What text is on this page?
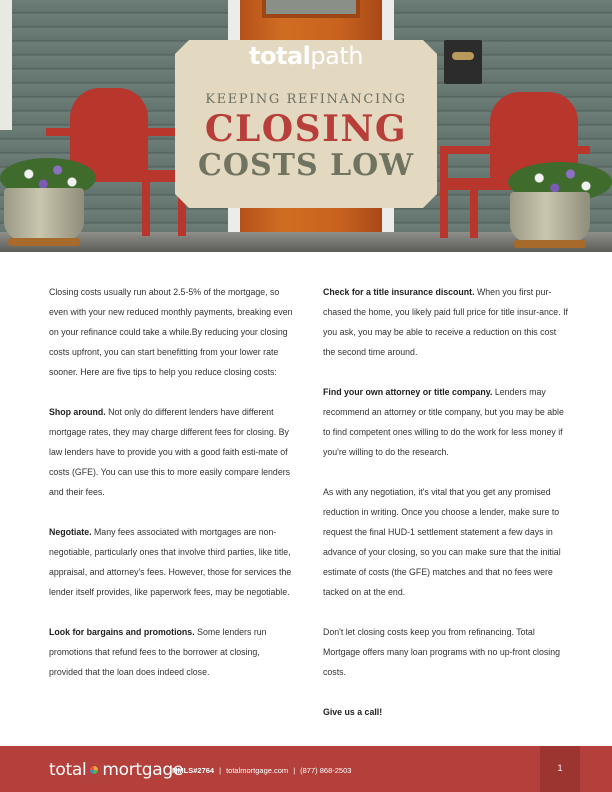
totalpath
KEEPING REFINANCING
CLOSING
COSTS LOW

Closing costs usually run about 2.5-5% of the mortgage, so even with your new reduced monthly payments, breaking even on your refinance could take a while.By reducing your closing costs upfront, you can start benefitting from your lower rate sooner. Here are five tips to help you reduce closing costs:

Shop around. Not only do different lenders have different mortgage rates, they may charge different fees for closing. By law lenders have to provide you with a good faith esti-mate of costs (GFE). You can use this to more easily compare lenders and their fees.

Negotiate. Many fees associated with mortgages are non-negotiable, particularly ones that involve third parties, like title, appraisal, and attorney's fees. However, those for services the lender itself provides, like paperwork fees, may be negotiable.

Look for bargains and promotions. Some lenders run promotions that refund fees to the borrower at closing, provided that the loan does indeed close.

Check for a title insurance discount. When you first pur-chased the home, you likely paid full price for title insur-ance. If you ask, you may be able to receive a reduction on this cost the second time around.

Find your own attorney or title company. Lenders may recommend an attorney or title company, but you may be able to find competent ones willing to do the work for less money if you're willing to do the research.

As with any negotiation, it's vital that you get any promised reduction in writing. Once you choose a lender, make sure to request the final HUD-1 settlement statement a few days in advance of your closing, so you can make sure that the initial estimate of costs (the GFE) matches and that no fees were tacked on at the end.

Don't let closing costs keep you from refinancing. Total Mortgage offers many loan programs with no up-front closing costs.

Give us a call!

total mortgage
NMLS#2764 | totalmortgage.com | (877) 868-2503	1
